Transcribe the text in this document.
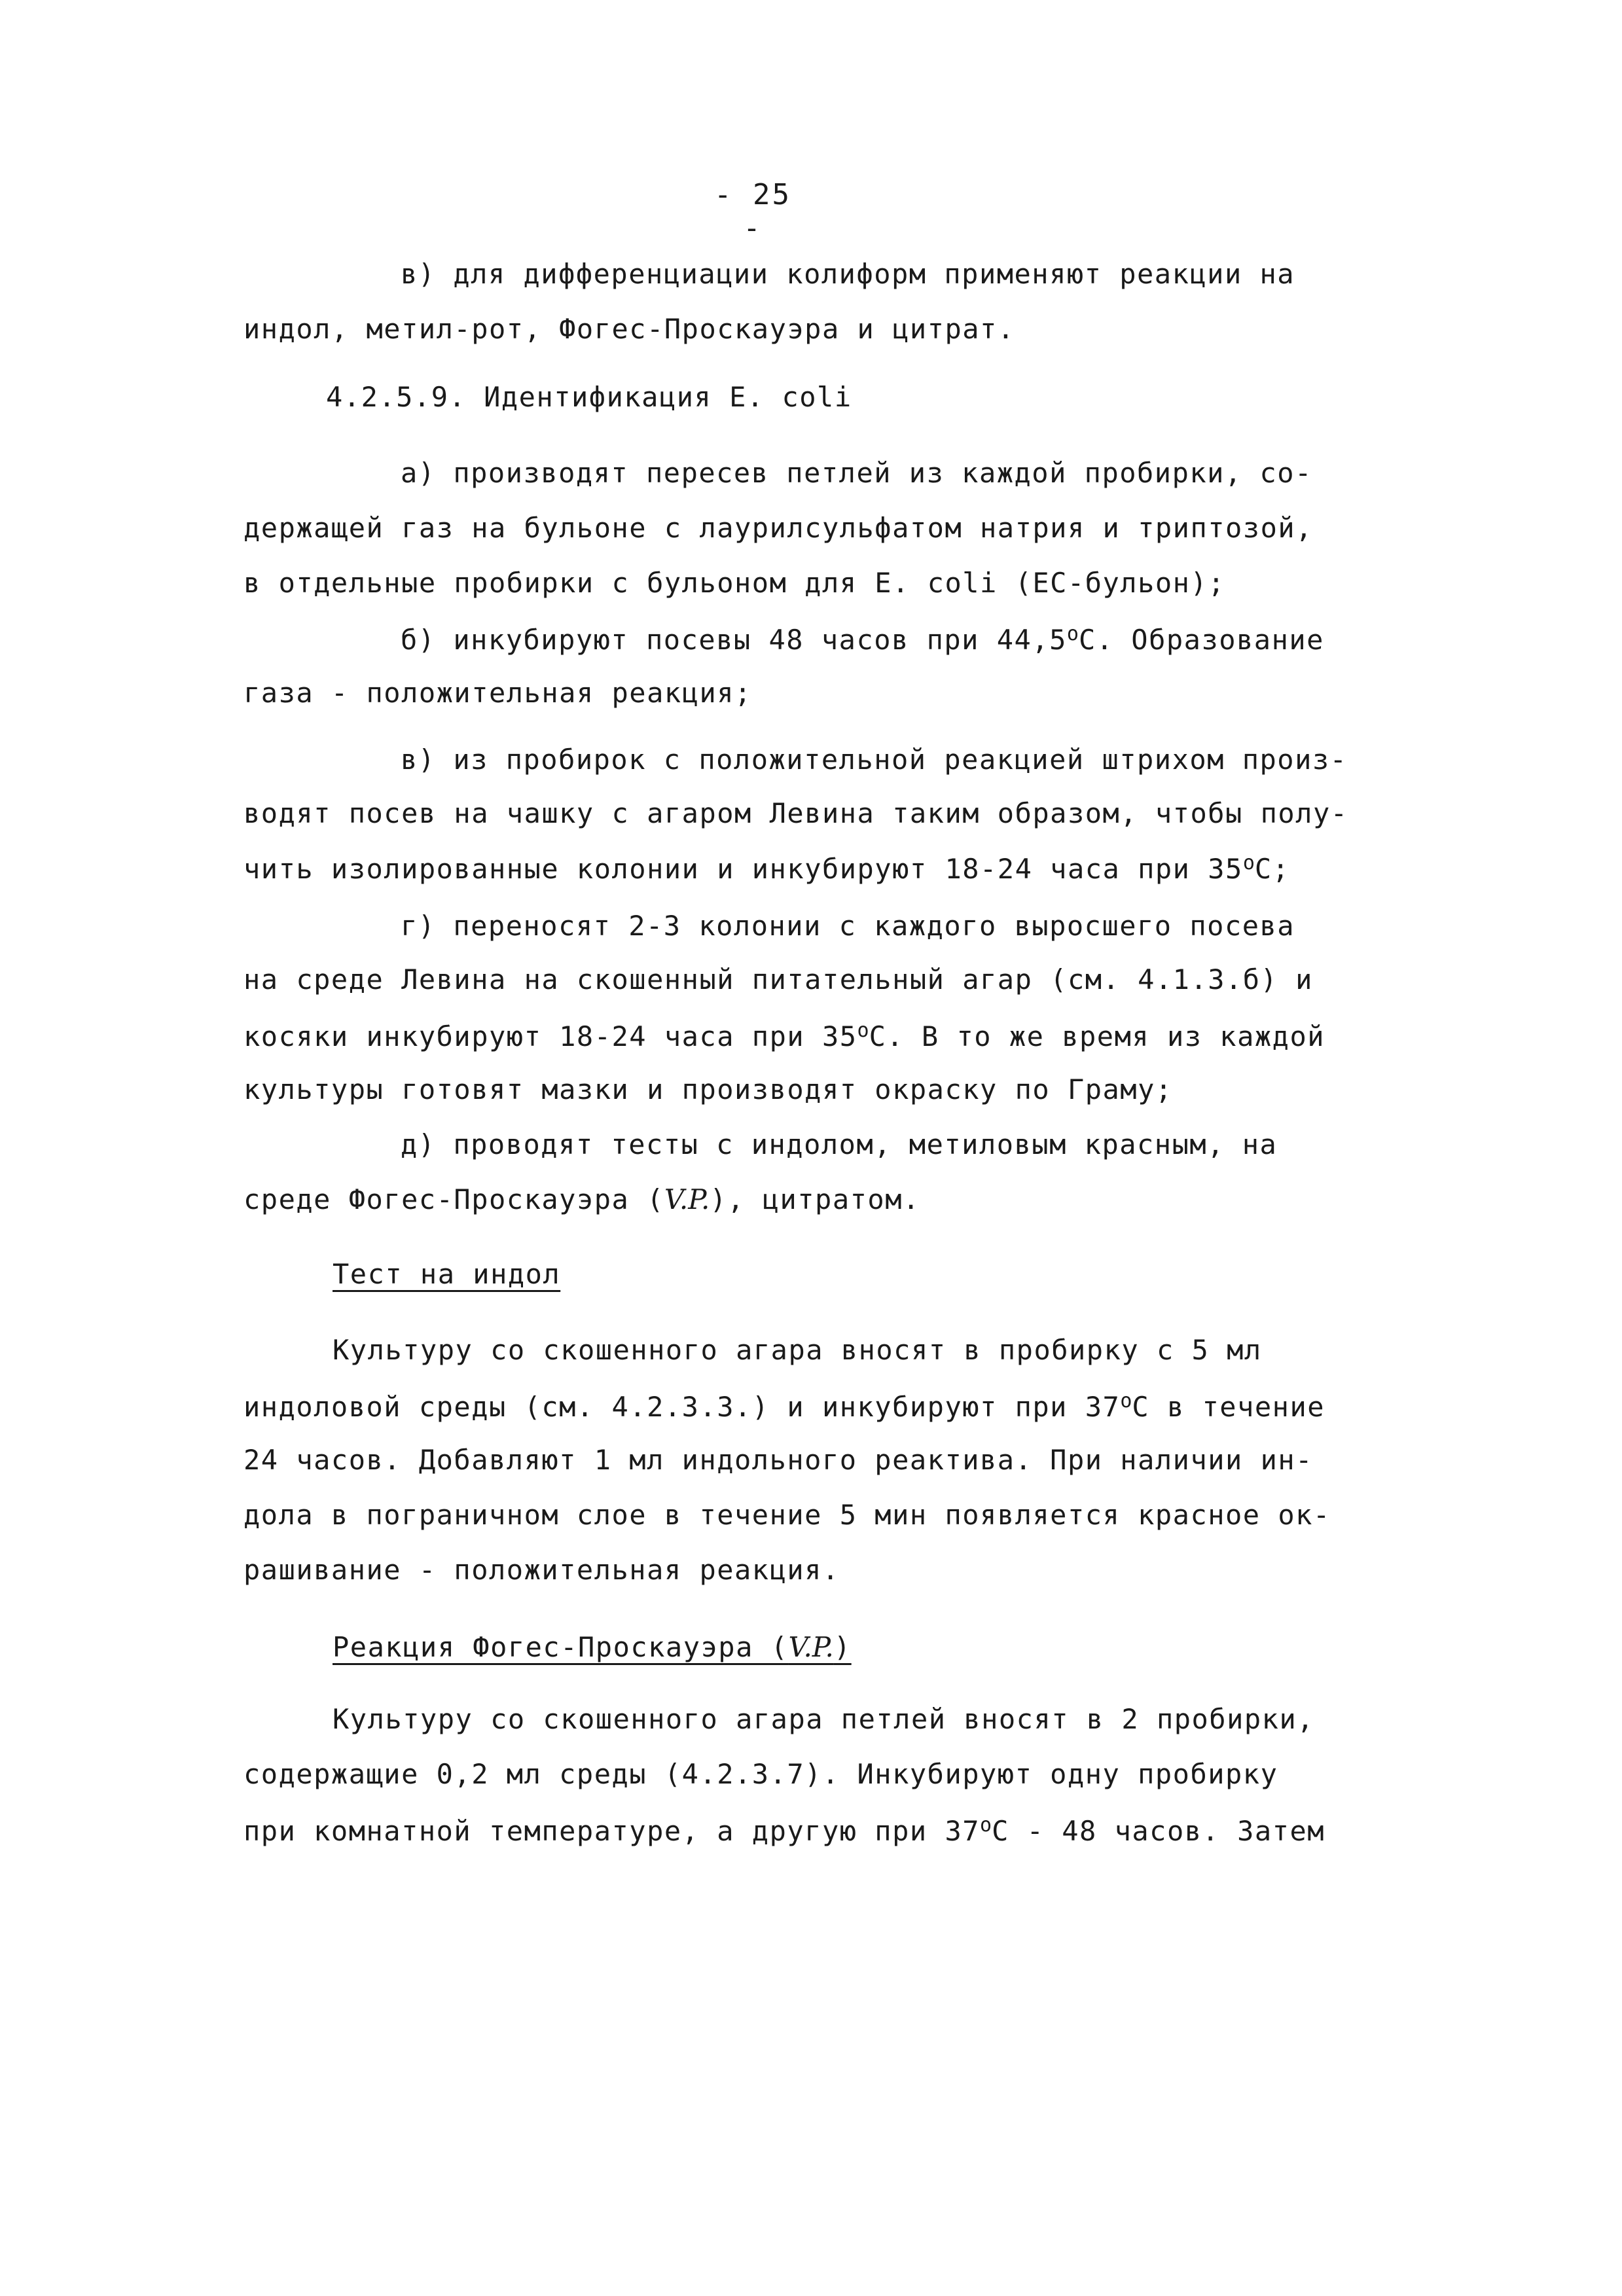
- 25 -
в) для дифференциации колиформ применяют реакции на
индол, метил-рот, Фогес-Проскауэра и цитрат.
4.2.5.9. Идентификация E. coli
а) производят пересев петлей из каждой пробирки, со-
держащей газ на бульоне с лаурилсульфатом натрия и триптозой,
в отдельные пробирки с бульоном для E. coli (EC-бульон);
б) инкубируют посевы 48 часов при 44,5$^o$С. Образование
газа - положительная реакция;
в) из пробирок с положительной реакцией штрихом произ-
водят посев на чашку с агаром Левина таким образом, чтобы полу-
чить изолированные колонии и инкубируют 18-24 часа при 35$^o$С;
г) переносят 2-3 колонии с каждого выросшего посева
на среде Левина на скошенный питательный агар (см. 4.1.3.б) и
косяки инкубируют 18-24 часа при 35$^o$С. В то же время из каждой
культуры готовят мазки и производят окраску по Граму;
д) проводят тесты с индолом, метиловым красным, на
среде Фогес-Проскауэра (V.P.), цитратом.
Тест на индол
Культуру со скошенного агара вносят в пробирку с 5 мл
индоловой среды (см. 4.2.3.3.) и инкубируют при 37$^o$С в течение
24 часов. Добавляют 1 мл индольного реактива. При наличии ин-
дола в пограничном слое в течение 5 мин появляется красное ок-
рашивание - положительная реакция.
Реакция Фогес-Проскауэра (V.P.)
Культуру со скошенного агара петлей вносят в 2 пробирки,
содержащие 0,2 мл среды (4.2.3.7). Инкубируют одну пробирку
при комнатной температуре, а другую при 37$^o$С - 48 часов. Затем
